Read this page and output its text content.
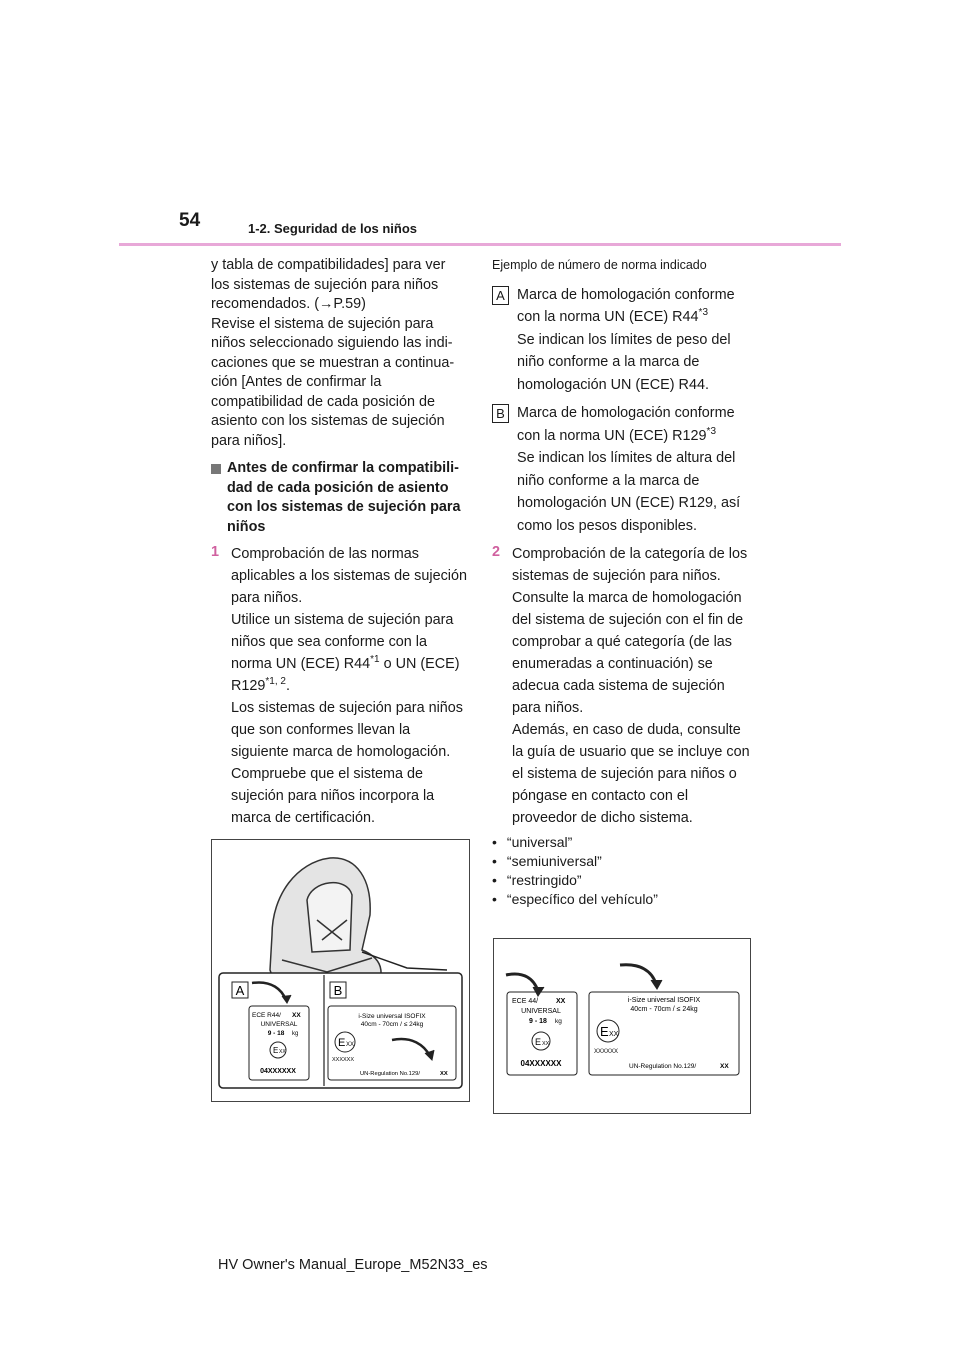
54	1-2. Seguridad de los niños

y tabla de compatibilidades] para ver
los sistemas de sujeción para niños
recomendados. (→P.59)
Revise el sistema de sujeción para
niños seleccionado siguiendo las indi-
caciones que se muestran a continua-
ción [Antes de confirmar la
compatibilidad de cada posición de
asiento con los sistemas de sujeción
para niños].

Antes de confirmar la compatibili-dad de cada posición de asiento con los sistemas de sujeción para niños
1 Comprobación de las normas aplicables a los sistemas de sujeción para niños.
Utilice un sistema de sujeción para niños que sea conforme con la norma UN (ECE) R44$^{*1}$ o UN (ECE) R129$^{*1, 2}$.
Los sistemas de sujeción para niños que son conformes llevan la siguiente marca de homologación. Compruebe que el sistema de sujeción para niños incorpora la marca de certificación.

Ejemplo de número de norma indicado

A Marca de homologación conforme con la norma UN (ECE) R44$^{*3}$
Se indican los límites de peso del niño conforme a la marca de homologación UN (ECE) R44.
B Marca de homologación conforme con la norma UN (ECE) R129$^{*3}$
Se indican los límites de altura del niño conforme a la marca de homologación UN (ECE) R129, así como los pesos disponibles.
2 Comprobación de la categoría de los sistemas de sujeción para niños. Consulte la marca de homologación del sistema de sujeción con el fin de comprobar a qué categoría (de las enumeradas a continuación) se adecua cada sistema de sujeción para niños.
Además, en caso de duda, consulte la guía de usuario que se incluye con el sistema de sujeción para niños o póngase en contacto con el proveedor de dicho sistema.
• “universal”
• “semiuniversal”
• “restringido”
• “específico del vehículo”
A	B
ECE R44/ XX
UNIVERSAL
9 - 18 kg
E XX
04XXXXXX
i-Size universal ISOFIX
40cm - 70cm / ≤ 24kg
E XX
XXXXXX
UN-Regulation No.129/	XX
ECE 44/	XX
UNIVERSAL
9 - 18 kg
E XX
04XXXXXX
i-Size universal ISOFIX
40cm - 70cm / ≤ 24kg
E XX
XXXXXX
UN-Regulation No.129/	XX
HV Owner's Manual_Europe_M52N33_es
